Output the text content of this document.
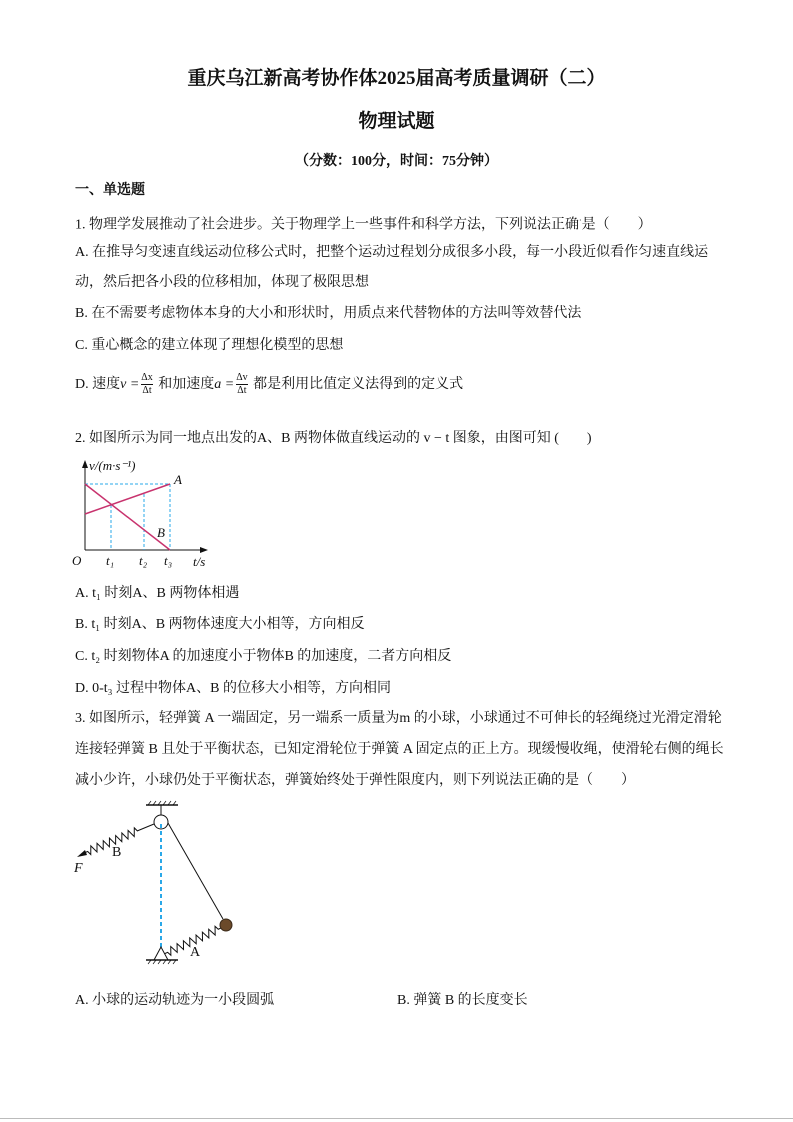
重庆乌江新高考协作体2025届高考质量调研（二）
物理试题
（分数：100分，时间：75分钟）
一、单选题
1. 物理学发展推动了社会进步。关于物理学上一些事件和科学方法，下列说法正确·是（　　）
A. 在推导匀变速直线运动位移公式时，把整个运动过程划分成很多小段，每一小段近似看作匀速直线运
动，然后把各小段的位移相加，体现了极限思想
B. 在不需要考虑物体本身的大小和形状时，用质点来代替物体的方法叫等效替代法
C. 重心概念的建立体现了理想化模型的思想
D. 速度$v = \frac{\Delta x}{\Delta t}$ 和加速度$a = \frac{\Delta v}{\Delta t}$ 都是利用比值定义法得到的定义式
2. 如图所示为同一地点出发的A、B 两物体做直线运动的 v − t 图象，由图可知 (　　)
v/(m·s⁻¹)
A
B
O t₁ t₂ t₃ t/s
F
B
A
A. t₁ 时刻A、B 两物体相遇
B. t₁ 时刻A、B 两物体速度大小相等，方向相反
C. t₂ 时刻物体A 的加速度小于物体B 的加速度，二者方向相反
D. 0-t₃ 过程中物体A、B 的位移大小相等，方向相同
3. 如图所示，轻弹簧 A 一端固定，另一端系一质量为m 的小球，小球通过不可伸长的轻绳绕过光滑定滑轮
连接轻弹簧 B 且处于平衡状态，已知定滑轮位于弹簧 A 固定点的正上方。现缓慢收绳，使滑轮右侧的绳长
减小少许，小球仍处于平衡状态，弹簧始终处于弹性限度内，则下列说法正确的是（　　）
A. 小球的运动轨迹为一小段圆弧	B. 弹簧 B 的长度变长
